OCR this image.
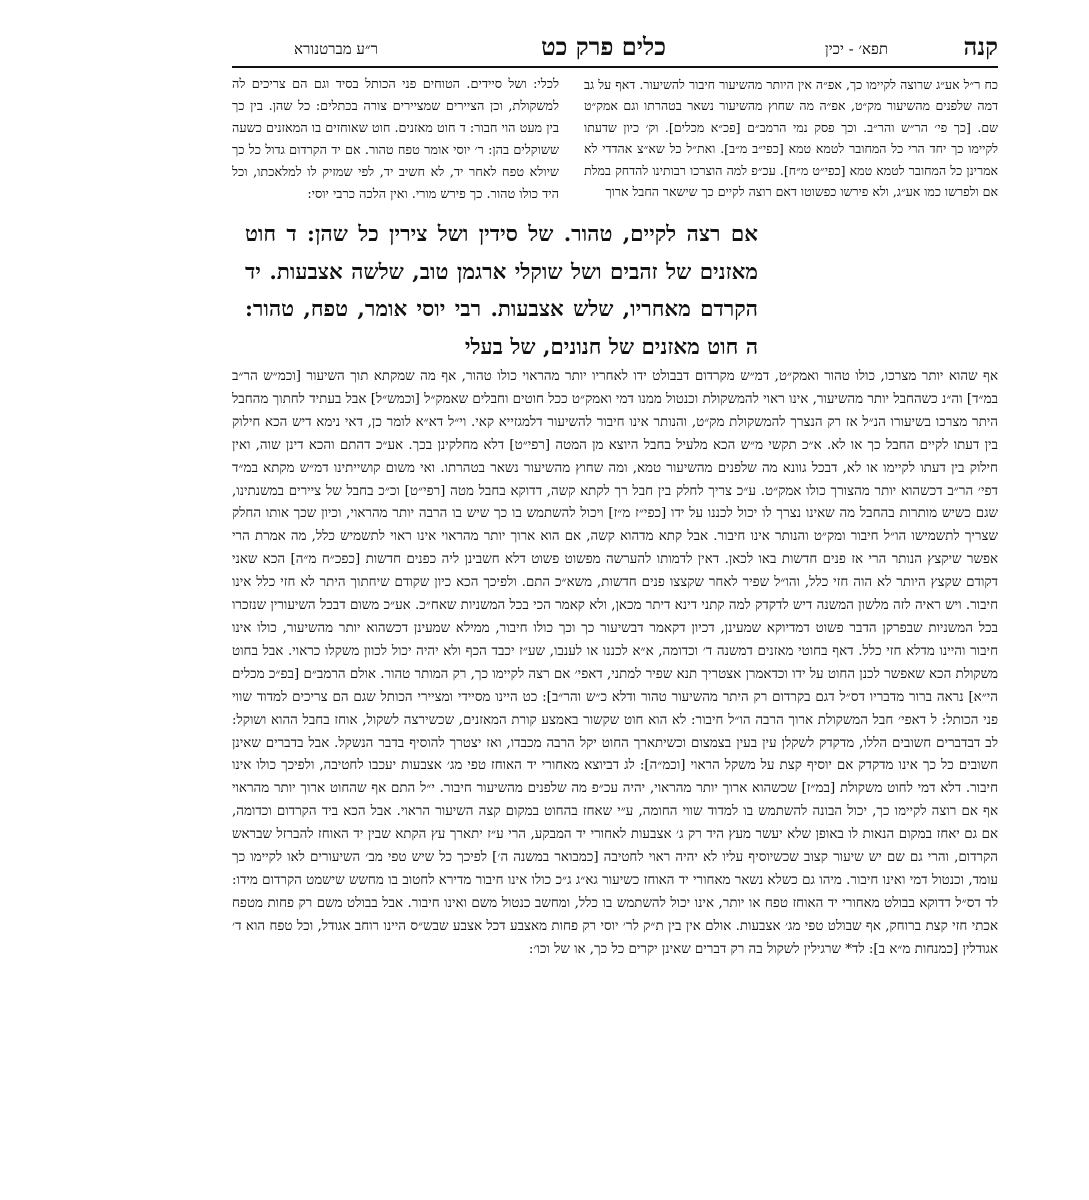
קנה
תפא׳ - יכין
כלים פרק כט
ר״ע מברטנורא

לכלי: ושל סיידים. הטוחים פני הכותל בסיד וגם הם צריכים לה למשקולת, וכן הציירים שמציירים צורה בכתלים: כל שהן. בין כך בין מעט הוי חבור: ד חוט מאזנים. חוט שאוחזים בו המאזנים כשעה ששוקלים בהן: ר׳ יוסי אומר טפח טהור. אם יד הקרדום גדול כל כך שיולא טפח לאחר יד, לא חשיב יד, לפי שמזיק לו למלאכתו, וכל היד כולו טהור. כך פירש מורי. ואין הלכה כרבי יוסי:

כח ר״ל אע״ג שרוצה לקיימו כך, אפ״ה אין היותר מהשיעור חיבור להשיעור. דאף על גב דמה שלפנים מהשיעור מק״ט, אפ״ה מה שחוץ מהשיעור נשאר בטהרתו וגם אמק״ט שם. [כך פי׳ הר״ש והר״ב. וכך פסק נמי הרמב״ם [פכ״א מכלים]. וק׳ כיון שדעתו לקיימו כך יחד הרי כל המחובר לטמא טמא [כפי״ב מ״ב]. ואת״ל כל שא״צ אהדדי לא אמרינן כל המחובר לטמא טמא [כפי״ט מ״ח]. עכ״פ למה הוצרכו רבותינו להדחק במלת אם ולפרשו כמו אע״ג, ולא פירשו כפשוטו דאם רוצה לקיים כך שישאר החבל ארוך

אם רצה לקיים, טהור. של סידין ושל צירין כל שהן: ד חוט מאזנים של זהבים ושל שוקלי ארגמן טוב, שלשה אצבעות. יד הקרדם מאחריו, שלש אצבעות. רבי יוסי אומר, טפח, טהור: ה חוט מאזנים של חנונים, של בעלי

אף שהוא יותר מצרכו, כולו טהור ואמק״ט, דמ״ש מקרדום דבבולט ידו לאחריו יותר מהראוי כולו טהור, אף מה שמקתא תוך השיעור [וכמ״ש הר״ב במ״ד] וה״נ כשהחבל יותר מהשיעור, אינו ראוי להמשקולת וכנטול ממנו דמי ואמק״ט ככל חוטים וחבלים שאמק״ל [וכמש״ל] אבל בעתיד לחתוך מהחבל היתר מצרכו בשיעורו הנ״ל אז רק הנצרך להמשקולת מק״ט, והנותר אינו חיבור להשיעור דלמגזייא קאי. וי״ל דא״א לומר כן, דאי נימא דיש הכא חילוק בין דעתו לקיים החבל כך או לא. א״כ תקשי מ״ש הכא מלעיל בחבל היוצא מן המטה [רפי״ט] דלא מחלקינן בכך. אע״כ דהתם והכא דינן שוה, ואין חילוק בין דעתו לקיימו או לא, דבכל גוונא מה שלפנים מהשיעור טמא, ומה שחוץ מהשיעור נשאר בטהרתו. ואי משום קושייתינו דמ״ש מקתא במ״ד דפי׳ הר״ב דכשהוא יותר מהצורך כולו אמק״ט. ע״כ צריך לחלק בין חבל רך לקתא קשה, דדוקא בחבל מטה [רפי״ט] וכ״כ בחבל של ציירים במשנתינו, שגם כשיש מותרות בהחבל מה שאינו נצרך לו יכול לכננו על ידו [כפי״ז מ״ז] ויכול להשתמש בו כך שיש בו הרבה יותר מהראוי, וכיון שכך אותו החלק שצריך לתשמישו הו״ל חיבור ומק״ט והנותר אינו חיבור. אבל קתא מדהוא קשה, אם הוא ארוך יותר מהראוי אינו ראוי לתשמיש כלל, מה אמרת הרי אפשר שיקצץ הנותר הרי אז פנים חדשות באו לכאן. דאין לדמותו להערשה מפשוט פשוט דלא חשבינן ליה כפנים חדשות [כפכ״ח מ״ה] הכא שאני דקודם שקצץ היותר לא הוה חזי כלל, והו״ל שפיר לאחר שקצצו פנים חדשות, משא״כ התם. ולפיכך הכא כיון שקודם שיחתוך היתר לא חזי כלל אינו חיבור. ויש ראיה לזה מלשון המשנה דיש לדקדק למה קתני דינא דיתר מכאן, ולא קאמר הכי בכל המשניות שאח״כ. אע״כ משום דבכל השיעורין שנזכרו בכל המשניות שבפרקן הדבר פשוט דמדיוקא שמעינן, דכיון דקאמר דבשיעור כך וכך כולו חיבור, ממילא שמעינן דכשהוא יותר מהשיעור, כולו אינו חיבור והיינו מדלא חזי כלל. דאף בחוטי מאזנים דמשנה ד׳ וכדומה, א״א לכננו או לענבו, שע״ז יכבד הכף ולא יהיה יכול לכוון משקלו כראוי. אבל בחוט משקולת הכא שאפשר לכנן החוט על ידו וכדאמרן אצטריך תנא שפיר למתני, דאפי׳ אם רצה לקיימו כך, רק המותר טהור. אולם הרמב״ם [בפ״כ מכלים הי״א] נראה ברור מדבריו דס״ל דגם בקרדום רק היתר מהשיעור טהור ודלא כ״ש והר״ב]: כט היינו מסיידי ומציירי הכותל שגם הם צריכים למדוד שווי פני הכותל: ל דאפי׳ חבל המשקולת ארוך הרבה הו״ל חיבור: לא הוא חוט שקשור באמצע קורת המאזנים, שכשירצה לשקול, אוחז בחבל ההוא ושוקל: לב דבדברים חשובים הללו, מדקדק לשקלן עין בעין בצמצום וכשיתארך החוט יקל הרבה מכבדו, ואז יצטרך להוסיף בדבר הנשקל. אבל בדברים שאינן חשובים כל כך אינו מדקדק אם יוסיף קצת על משקל הראוי [וכמ״ה]: לג דביוצא מאחורי יד האוחז טפי מג׳ אצבעות יעכבו לחטיבה, ולפיכך כולו אינו חיבור. דלא דמי לחוט משקולת [במ״ז] שכשהוא ארוך יותר מהראוי, יהיה עכ״פ מה שלפנים מהשיעור חיבור. י״ל התם אף שהחוט ארוך יותר מהראוי אף אם רוצה לקיימו כך, יכול הבונה להשתמש בו למדוד שווי החומה, ע״י שאחז בהחוט במקום קצה השיעור הראוי. אבל הכא ביד הקרדום וכדומה, אם גם יאחז במקום הנאות לו באופן שלא יעשר מעץ היד רק ג׳ אצבעות לאחורי יד המבקע, הרי ע״ז יתארך עץ הקתא שבין יד האוחז להברזל שבראש הקרדום, והרי גם שם יש שיעור קצוב שכשיוסיף עליו לא יהיה ראוי לחטיבה [כמבואר במשנה ה׳] לפיכך כל שיש טפי מב׳ השיעורים לאו לקיימו כך עומד, וכנטול דמי ואינו חיבור. מיהו גם כשלא נשאר מאחורי יד האוחז כשיעור גא״ג ג״כ כולו אינו חיבור מדירא לחטוב בו מחשש שישמט הקרדום מידו: לד דס״ל דדוקא בבולט מאחורי יד האוחז טפח או יותר, אינו יכול להשתמש בו כלל, ומחשב כנטול משם ואינו חיבור. אבל בבולט משם רק פחות מטפח אכתי חזי קצת ברוחק, אף שבולט טפי מג׳ אצבעות. אולם אין בין ת״ק לר׳ יוסי רק פחות מאצבע דכל אצבע שבש״ס היינו רוחב אגודל, וכל טפח הוא ד׳ אגודלין [כמנחות מ״א ב]: לד* שרגילין לשקול בה רק דברים שאינן יקרים כל כך, או של וכו׳:
